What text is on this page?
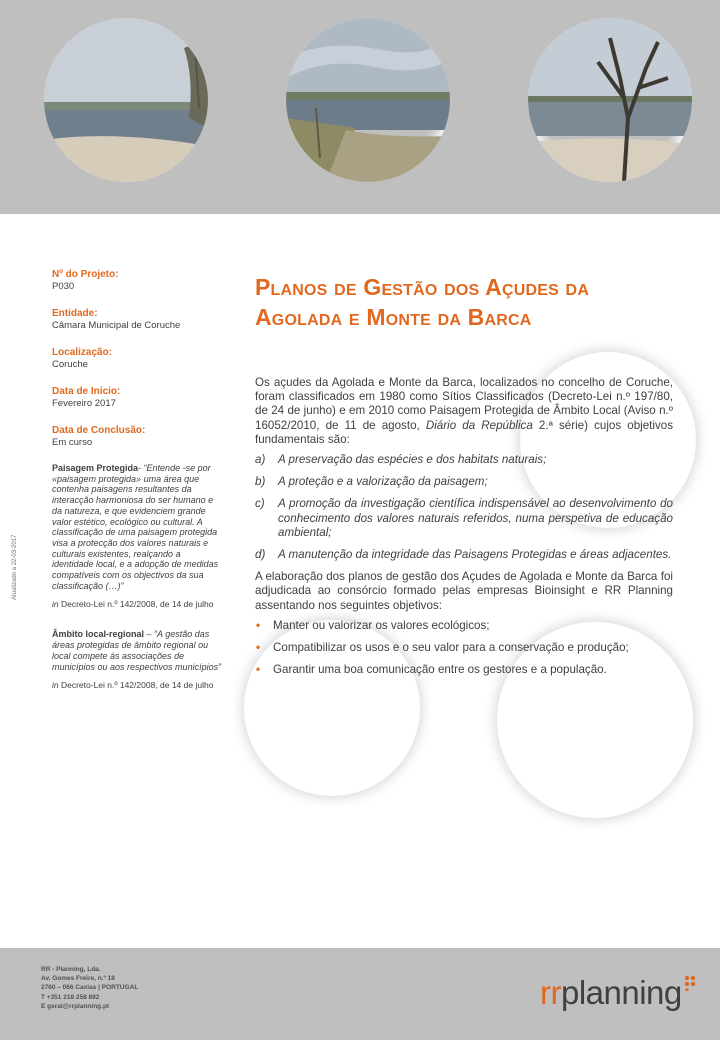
Atualizado a 22-03-2017
Nº do Projeto:
P030
Entidade:
Câmara Municipal de Coruche
Localização:
Coruche
Data de Início:
Fevereiro 2017
Data de Conclusão:
Em curso
Paisagem Protegida- “Entende -se por «paisagem protegida» uma área que contenha paisagens resultantes da interacção harmoniosa do ser humano e da natureza, e que evidenciem grande valor estético, ecológico ou cultural. A classificação de uma paisagem protegida visa a protecção dos valores naturais e culturais existentes, realçando a identidade local, e a adopção de medidas compatíveis com os objectivos da sua classificação (…)”
in Decreto-Lei n.º 142/2008, de 14 de julho
Âmbito local-regional – “A gestão das áreas protegidas de âmbito regional ou local compete às associações de municípios ou aos respectivos municípios”
in Decreto-Lei n.º 142/2008, de 14 de julho
Planos de Gestão dos Açudes da Agolada e Monte da Barca

Os açudes da Agolada e Monte da Barca, localizados no concelho de Coruche, foram classificados em 1980 como Sítios Classificados (Decreto-Lei n.º 197/80, de 24 de junho) e em 2010 como Paisagem Protegida de Âmbito Local (Aviso n.º 16052/2010, de 11 de agosto, Diário da República 2.ª série) cujos objetivos fundamentais são:

a) A preservação das espécies e dos habitats naturais;
b) A proteção e a valorização da paisagem;
c) A promoção da investigação científica indispensável ao desenvolvimento do conhecimento dos valores naturais referidos, numa perspetiva de educação ambiental;
d) A manutenção da integridade das Paisagens Protegidas e áreas adjacentes.

A elaboração dos planos de gestão dos Açudes de Agolada e Monte da Barca foi adjudicada ao consórcio formado pelas empresas Bioinsight e RR Planning assentando nos seguintes objetivos:

• Manter ou valorizar os valores ecológicos;
• Compatibilizar os usos e o seu valor para a conservação e produção;
• Garantir uma boa comunicação entre os gestores e a população.
RR - Planning, Lda.
Av. Gomes Freire, n.º 18
2760 – 066 Caxias | PORTUGAL
T +351 218 258 892
E geral@rrplanning.pt	rrplanning
